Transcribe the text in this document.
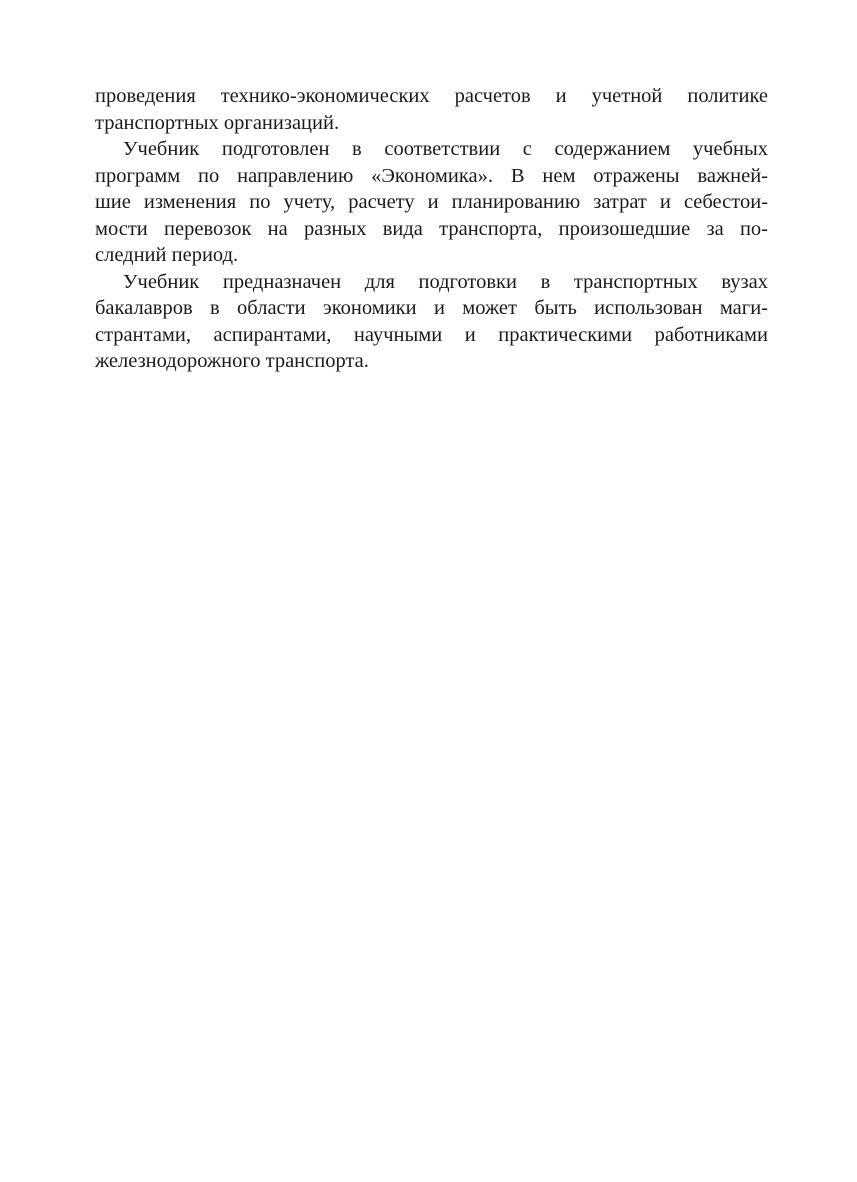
проведения технико-экономических расчетов и учетной политике
транспортных организаций.
Учебник подготовлен в соответствии с содержанием учебных
программ по направлению «Экономика». В нем отражены важней-
шие изменения по учету, расчету и планированию затрат и себестои-
мости перевозок на разных вида транспорта, произошедшие за по-
следний период.
Учебник предназначен для подготовки в транспортных вузах
бакалавров в области экономики и может быть использован маги-
странтами, аспирантами, научными и практическими работниками
железнодорожного транспорта.
